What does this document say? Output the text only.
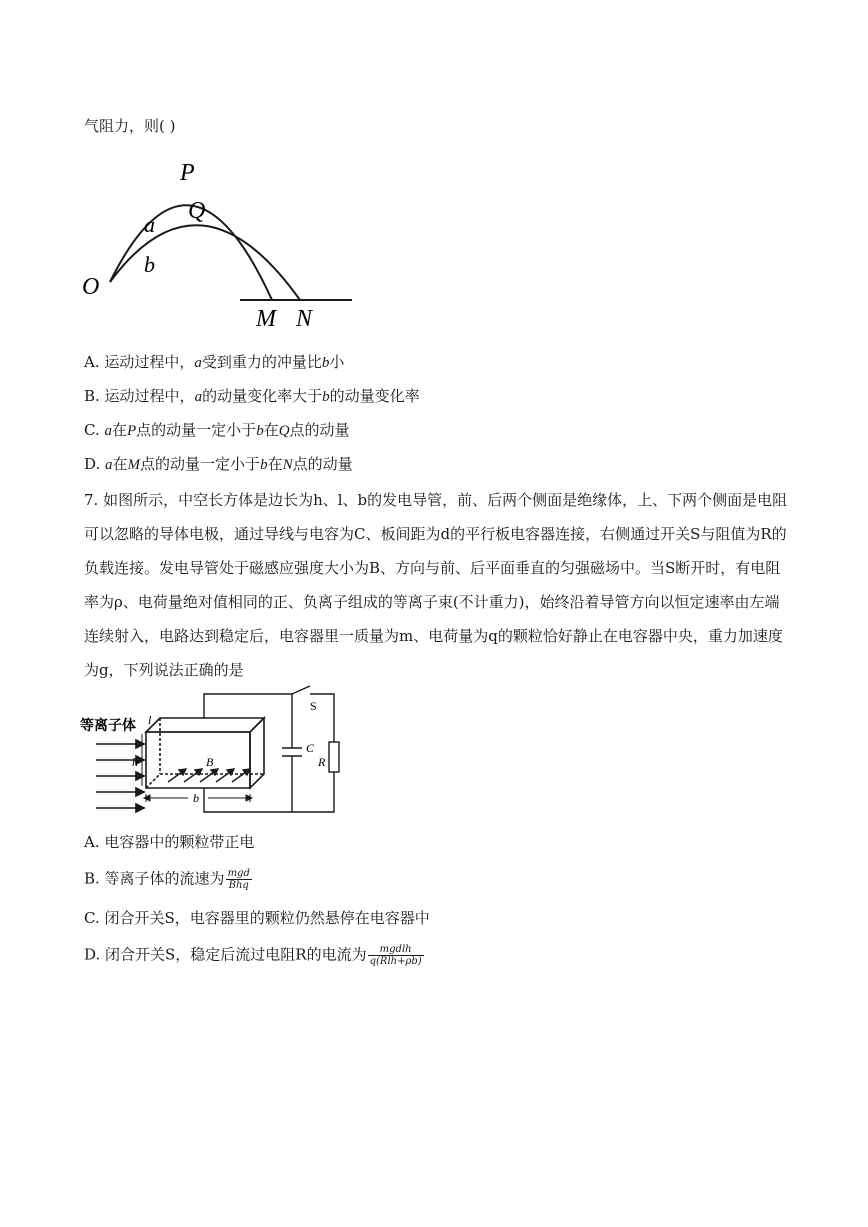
气阻力，则( )
P
Q
a
b
O
M N
A. 运动过程中，a受到重力的冲量比b小
B. 运动过程中，a的动量变化率大于b的动量变化率
C. a在P点的动量一定小于b在Q点的动量
D. a在M点的动量一定小于b在N点的动量
7. 如图所示，中空长方体是边长为h、l、b的发电导管，前、后两个侧面是绝缘体，上、下两个侧面是电阻
可以忽略的导体电极，通过导线与电容为C、板间距为d的平行板电容器连接，右侧通过开关S与阻值为R的
负载连接。发电导管处于磁感应强度大小为B、方向与前、后平面垂直的匀强磁场中。当S断开时，有电阻
率为ρ、电荷量绝对值相同的正、负离子组成的等离子束(不计重力)，始终沿着导管方向以恒定速率由左端
连续射入，电路达到稳定后，电容器里一质量为m、电荷量为q的颗粒恰好静止在电容器中央，重力加速度
为g，下列说法正确的是
等离子体
B
l
h
b
S
C
R
A. 电容器中的颗粒带正电
B. 等离子体的流速为 $\frac{\text{mgd}}{\text{Bhq}}$
C. 闭合开关S，电容器里的颗粒仍然悬停在电容器中
D. 闭合开关S，稳定后流过电阻R的电流为 $\frac{\text{mgdlh}}{\text{q(Rlh+ρb)}}$
